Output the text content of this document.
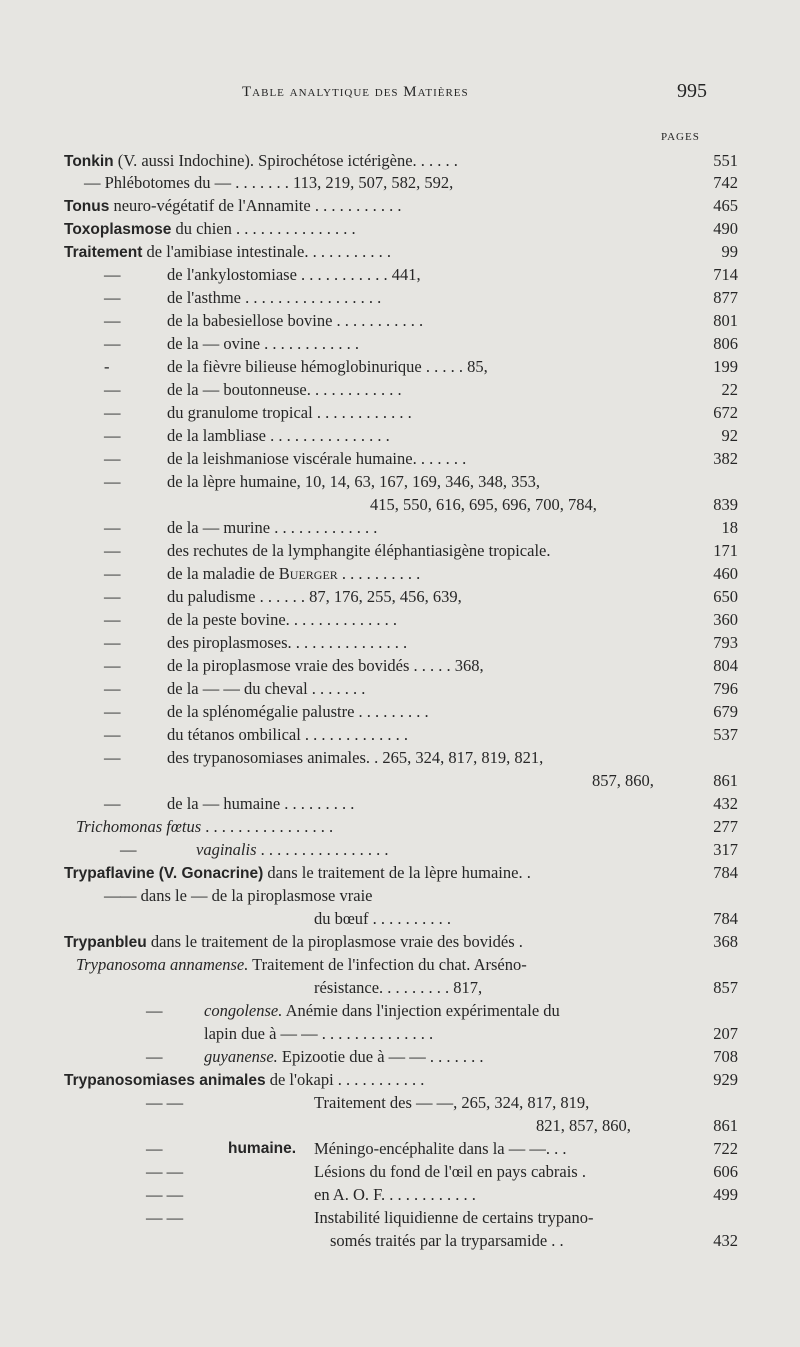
Table analytique des Matières	995
PAGES
Tonkin (V. aussi Indochine). Spirochétose ictérigène. . . . . .	551
— Phlébotomes du — . . . . . . . 113, 219, 507, 582, 592,	742
Tonus neuro-végétatif de l'Annamite . . . . . . . . . . .	465
Toxoplasmose du chien . . . . . . . . . . . . . . .	490
Traitement de l'amibiase intestinale. . . . . . . . . . .	99
—	de l'ankylostomiase . . . . . . . . . . . 441,	714
—	de l'asthme . . . . . . . . . . . . . . . . .	877
—	de la babesiellose bovine . . . . . . . . . . .	801
—	de la — ovine . . . . . . . . . . . .	806
-	de la fièvre bilieuse hémoglobinurique . . . . . 85,	199
—	de la — boutonneuse. . . . . . . . . . . .	22
—	du granulome tropical . . . . . . . . . . . .	672
—	de la lambliase . . . . . . . . . . . . . . .	92
—	de la leishmaniose viscérale humaine. . . . . . .	382
—	de la lèpre humaine, 10, 14, 63, 167, 169, 346, 348, 353,
415, 550, 616, 695, 696, 700, 784,	839
—	de la — murine . . . . . . . . . . . . .	18
—	des rechutes de la lymphangite éléphantiasigène tropicale.	171
—	de la maladie de Buerger . . . . . . . . . .	460
—	du paludisme . . . . . . 87, 176, 255, 456, 639,	650
—	de la peste bovine. . . . . . . . . . . . . .	360
—	des piroplasmoses. . . . . . . . . . . . . . .	793
—	de la piroplasmose vraie des bovidés . . . . . 368,	804
—	de la — — du cheval . . . . . . .	796
—	de la splénomégalie palustre . . . . . . . . .	679
—	du tétanos ombilical . . . . . . . . . . . . .	537
—	des trypanosomiases animales. . 265, 324, 817, 819, 821,
857, 860,	861
—	de la — humaine . . . . . . . . .	432
Trichomonas fœtus . . . . . . . . . . . . . . . .	277
—	vaginalis . . . . . . . . . . . . . . . .	317
Trypaflavine (V. Gonacrine) dans le traitement de la lèpre humaine. .	784
— — dans le — de la piroplasmose vraie
du bœuf . . . . . . . . . .	784
Trypanbleu dans le traitement de la piroplasmose vraie des bovidés .	368
Trypanosoma annamense. Traitement de l'infection du chat. Arséno-
résistance. . . . . . . . . 817,	857
—	congolense. Anémie dans l'injection expérimentale du
lapin due à — — . . . . . . . . . . . . . .	207
—	guyanense. Epizootie due à — — . . . . . . .	708
Trypanosomiases animales de l'okapi . . . . . . . . . . .	929
— —	Traitement des — —, 265, 324, 817, 819,
821, 857, 860,	861
—	humaine. Méningo-encéphalite dans la — —. . .	722
— —	Lésions du fond de l'œil en pays cabrais .	606
— —	en A. O. F. . . . . . . . . . . .	499
— —	Instabilité liquidienne de certains trypano-
somés traités par la tryparsamide . .	432
